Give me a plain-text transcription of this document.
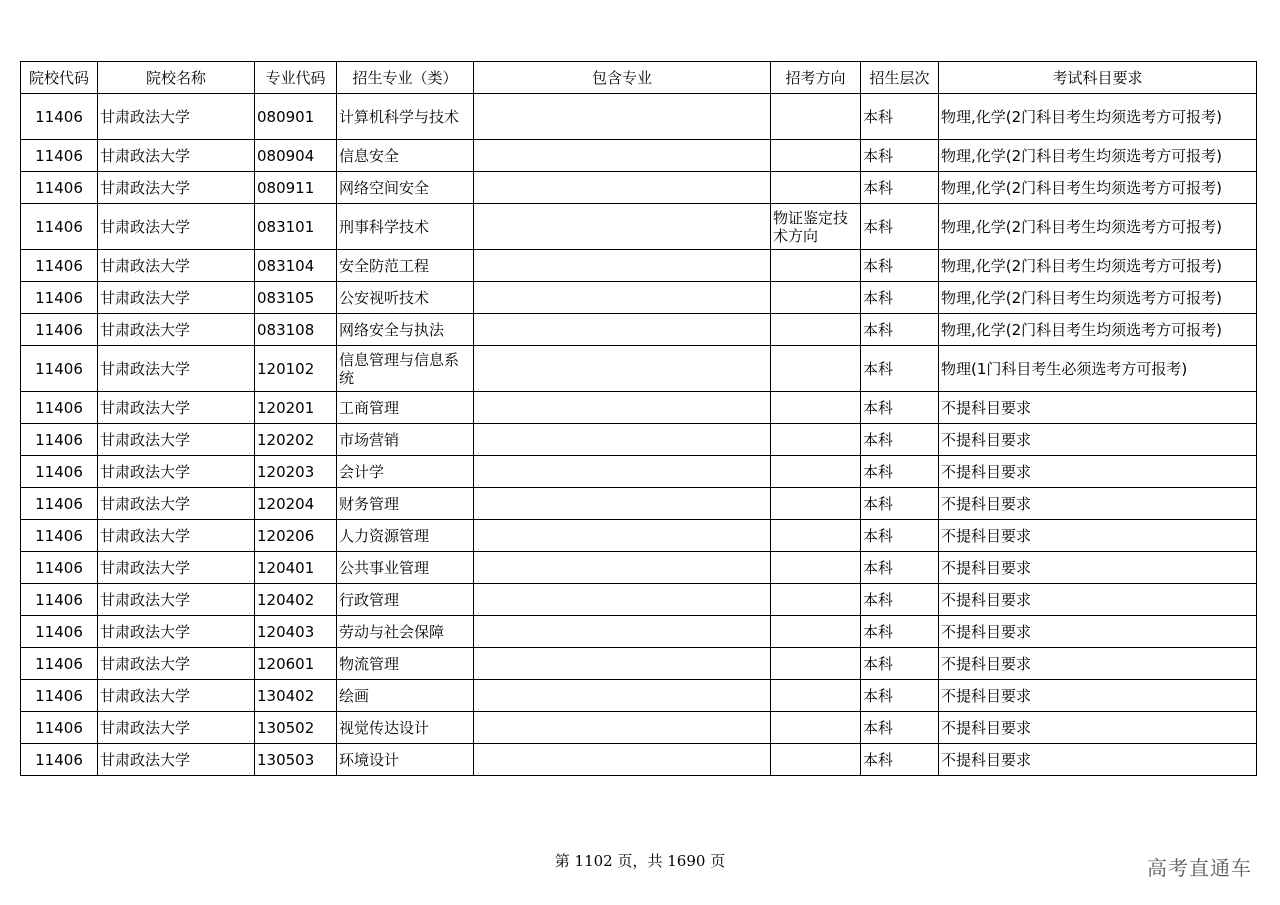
院校代码	院校名称	专业代码	招生专业（类）	包含专业	招考方向	招生层次	考试科目要求
11406	甘肃政法大学	080901	计算机科学与技术			本科	物理,化学(2门科目考生均须选考方可报考)
11406	甘肃政法大学	080904	信息安全			本科	物理,化学(2门科目考生均须选考方可报考)
11406	甘肃政法大学	080911	网络空间安全			本科	物理,化学(2门科目考生均须选考方可报考)
11406	甘肃政法大学	083101	刑事科学技术		物证鉴定技术方向	本科	物理,化学(2门科目考生均须选考方可报考)
11406	甘肃政法大学	083104	安全防范工程			本科	物理,化学(2门科目考生均须选考方可报考)
11406	甘肃政法大学	083105	公安视听技术			本科	物理,化学(2门科目考生均须选考方可报考)
11406	甘肃政法大学	083108	网络安全与执法			本科	物理,化学(2门科目考生均须选考方可报考)
11406	甘肃政法大学	120102	信息管理与信息系统			本科	物理(1门科目考生必须选考方可报考)
11406	甘肃政法大学	120201	工商管理			本科	不提科目要求
11406	甘肃政法大学	120202	市场营销			本科	不提科目要求
11406	甘肃政法大学	120203	会计学			本科	不提科目要求
11406	甘肃政法大学	120204	财务管理			本科	不提科目要求
11406	甘肃政法大学	120206	人力资源管理			本科	不提科目要求
11406	甘肃政法大学	120401	公共事业管理			本科	不提科目要求
11406	甘肃政法大学	120402	行政管理			本科	不提科目要求
11406	甘肃政法大学	120403	劳动与社会保障			本科	不提科目要求
11406	甘肃政法大学	120601	物流管理			本科	不提科目要求
11406	甘肃政法大学	130402	绘画			本科	不提科目要求
11406	甘肃政法大学	130502	视觉传达设计			本科	不提科目要求
11406	甘肃政法大学	130503	环境设计			本科	不提科目要求
第 1102 页，共 1690 页	高考直通车
